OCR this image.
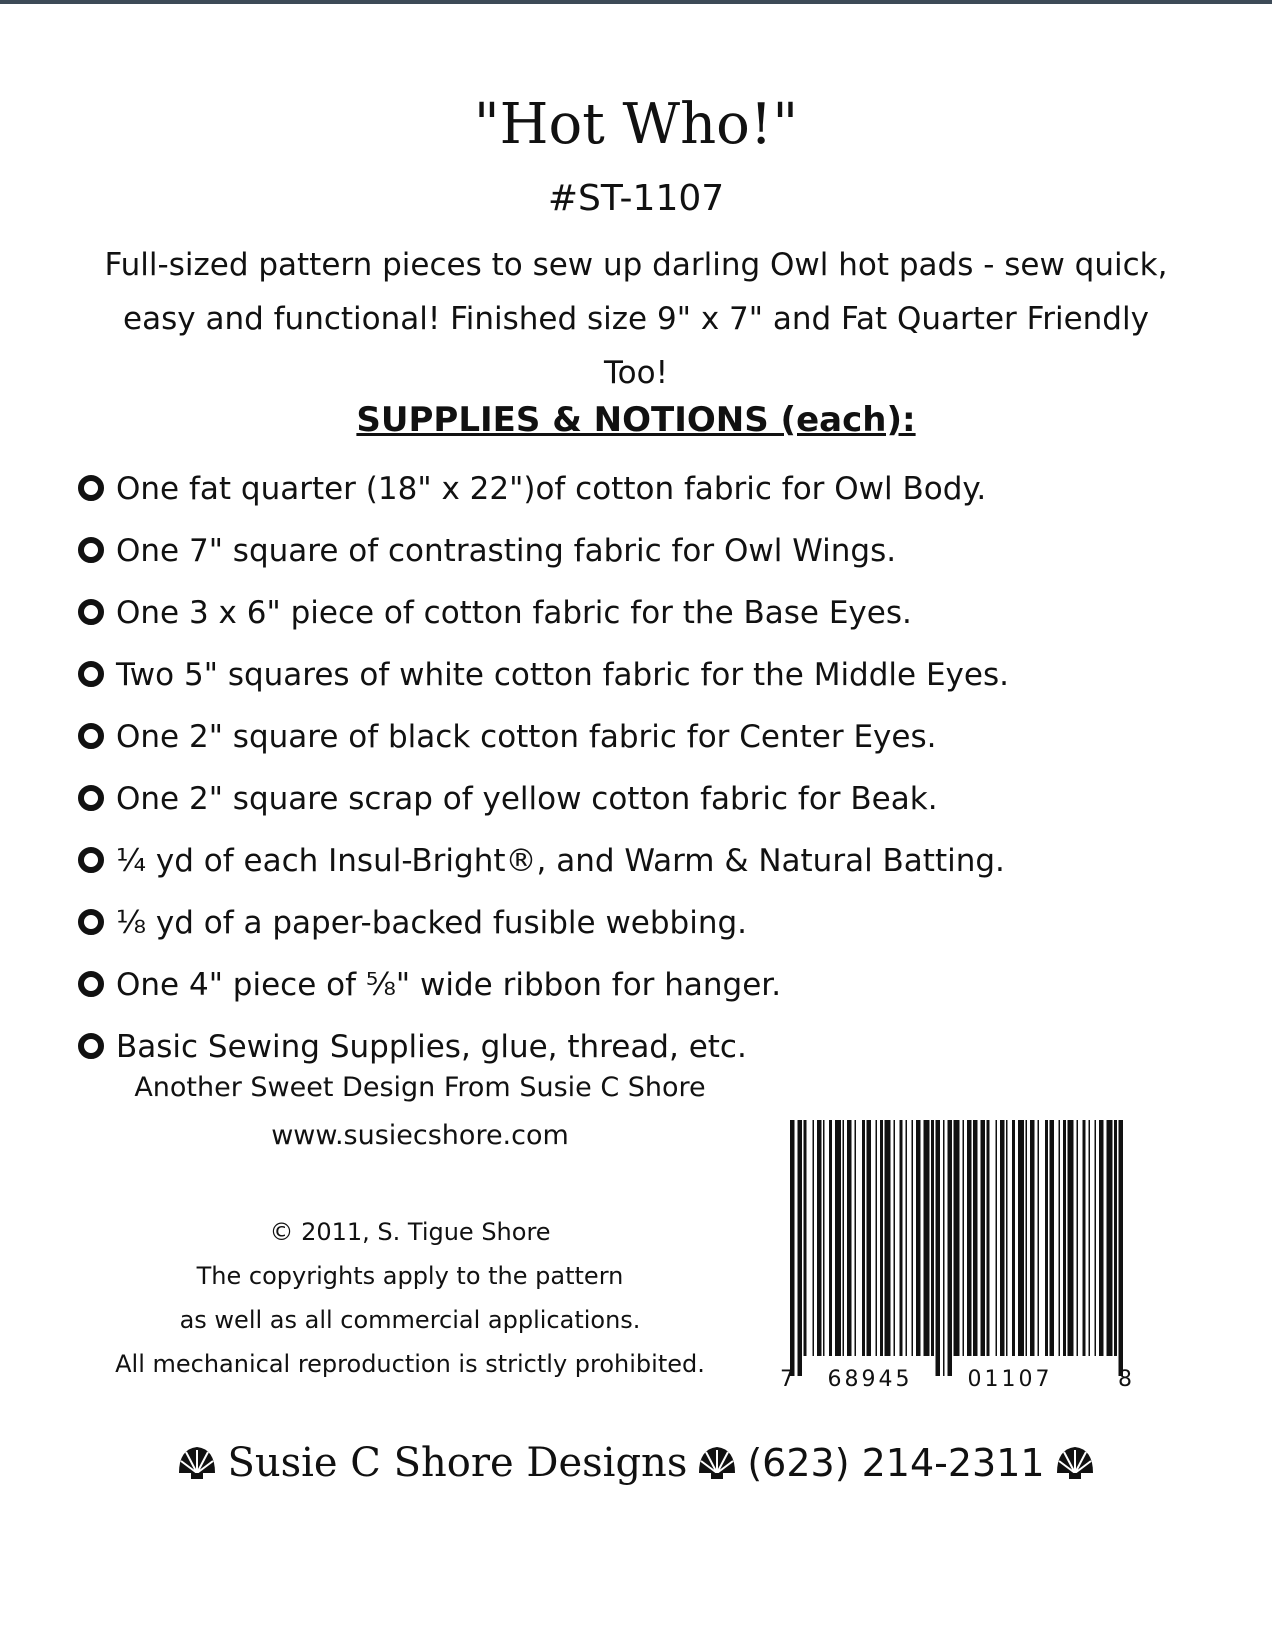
"Hot Who!"
#ST-1107
Full-sized pattern pieces to sew up darling Owl hot pads - sew quick, easy and functional! Finished size 9" x 7" and Fat Quarter Friendly Too!
SUPPLIES & NOTIONS (each):
One fat quarter (18" x 22")of cotton fabric for Owl Body.
One 7" square of contrasting fabric for Owl Wings.
One 3 x 6" piece of cotton fabric for the Base Eyes.
Two 5" squares of white cotton fabric for the Middle Eyes.
One 2" square of black cotton fabric for Center Eyes.
One 2" square scrap of yellow cotton fabric for Beak.
¼ yd of each Insul-Bright®, and Warm & Natural Batting.
⅛ yd of a paper-backed fusible webbing.
One 4" piece of ⅝" wide ribbon for hanger.
Basic Sewing Supplies, glue, thread, etc.
Another Sweet Design From Susie C Shore
www.susiecshore.com
© 2011, S. Tigue Shore
The copyrights apply to the pattern
as well as all commercial applications.
All mechanical reproduction is strictly prohibited.
7 68945	01107	8
Susie C Shore Designs (623) 214-2311
